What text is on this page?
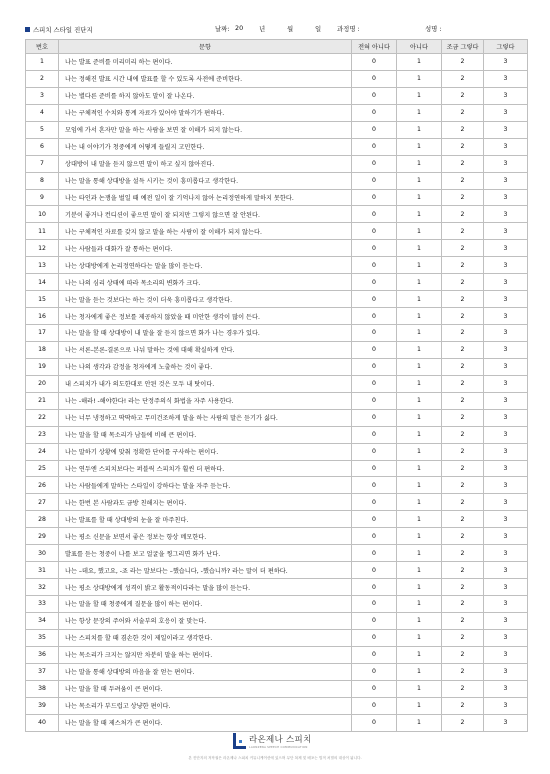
스피치 스타일 진단지	날짜: 20 년	월	일 과정명 :	성명 :
번호	문항	전혀 아니다	아니다	조금 그렇다	그렇다
1	나는 발표 준비를 미리미리 하는 편이다.	0	1	2	3
2	나는 정해진 발표 시간 내에 발표를 할 수 있도록 사전에 준비한다.	0	1	2	3
3	나는 별다른 준비를 하지 않아도 말이 잘 나온다.	0	1	2	3
4	나는 구체적인 수치와 통계 자료가 있어야 말하기가 편하다.	0	1	2	3
5	모임에 가서 혼자만 말을 하는 사람을 보면 잘 이해가 되지 않는다.	0	1	2	3
6	나는 내 이야기가 청중에게 어떻게 들릴지 고민한다.	0	1	2	3
7	상대방이 내 말을 듣지 않으면 말이 하고 싶지 않아진다.	0	1	2	3
8	나는 말을 통해 상대방을 설득 시키는 것이 흥미롭다고 생각한다.	0	1	2	3
9	나는 타인과 논쟁을 벌일 때 예전 일이 잘 기억나지 않아 논리정연하게 말하지 못한다.	0	1	2	3
10	기분이 좋거나 컨디션이 좋으면 말이 잘 되지만 그렇지 않으면 잘 안된다.	0	1	2	3
11	나는 구체적인 자료를 갖지 않고 말을 하는 사람이 잘 이해가 되지 않는다.	0	1	2	3
12	나는 사람들과 대화가 잘 통하는 편이다.	0	1	2	3
13	나는 상대방에게 논리정연하다는 말을 많이 듣는다.	0	1	2	3
14	나는 나의 심리 상태에 따라 목소리의 변화가 크다.	0	1	2	3
15	나는 말을 듣는 것보다는 하는 것이 더욱 흥미롭다고 생각한다.	0	1	2	3
16	나는 청자에게 좋은 정보를 제공하지 않았을 때 미안한 생각이 많이 든다.	0	1	2	3
17	나는 말을 할 때 상대방이 내 말을 잘 듣지 않으면 화가 나는 경우가 있다.	0	1	2	3
18	나는 서론-본론-결론으로 나눠 말하는 것에 대해 확실하게 안다.	0	1	2	3
19	나는 나의 생각과 감정을 청자에게 노출하는 것이 좋다.	0	1	2	3
20	내 스피치가 내가 의도한대로 안된 것은 모두 내 탓이다.	0	1	2	3
21	나는 -해라! -해야한다! 라는 단정주의식 화법을 자주 사용한다.	0	1	2	3
22	나는 너무 냉정하고 딱딱하고 무미건조하게 말을 하는 사람의 말은 듣기가 싫다.	0	1	2	3
23	나는 말을 할 때 목소리가 남들에 비해 큰 편이다.	0	1	2	3
24	나는 말하기 상황에 맞춰 정확한 단어를 구사하는 편이다.	0	1	2	3
25	나는 연두엔 스피치보다는 퍼블릭 스피치가 훨씬 더 편하다.	0	1	2	3
26	나는 사람들에게 말하는 스타일이 강하다는 말을 자주 듣는다.	0	1	2	3
27	나는 한번 본 사람과도 금방 친해지는 편이다.	0	1	2	3
28	나는 발표를 할 때 상대방의 눈을 잘 마주친다.	0	1	2	3
29	나는 평소 신문을 보면서 좋은 정보는 항상 메모한다.	0	1	2	3
30	발표를 듣는 청중이 나를 보고 얼굴을 찡그리면 화가 난다.	0	1	2	3
31	나는 –데요, 했고요, -죠 라는 말보다는 –했습니다, -했습니까? 라는 말이 더 편하다.	0	1	2	3
32	나는 평소 상대방에게 성격이 밝고 활동적이다라는 말을 많이 듣는다.	0	1	2	3
33	나는 말을 할 때 청중에게 질문을 많이 하는 편이다.	0	1	2	3
34	나는 항상 문장의 주어와 서술부의 호응이 잘 맞는다.	0	1	2	3
35	나는 스피치를 할 때 겸손한 것이 제일이라고 생각한다.	0	1	2	3
36	나는 목소리가 크지는 않지만 차분히 말을 하는 편이다.	0	1	2	3
37	나는 말을 통해 상대방의 마음을 잘 얻는 편이다.	0	1	2	3
38	나는 말을 할 때 두려움이 큰 편이다.	0	1	2	3
39	나는 목소리가 부드럽고 상냥한 편이다.	0	1	2	3
40	나는 말을 할 때 제스처가 큰 편이다.	0	1	2	3
라온제나 스피치
LAONZENA SPEECH COMMUNICATION
본 진단지의 저작권은 라온제나 스피치 커뮤니케이션에 있으며 무단 복제 및 배포는 법적 처벌의 대상이 됩니다.
